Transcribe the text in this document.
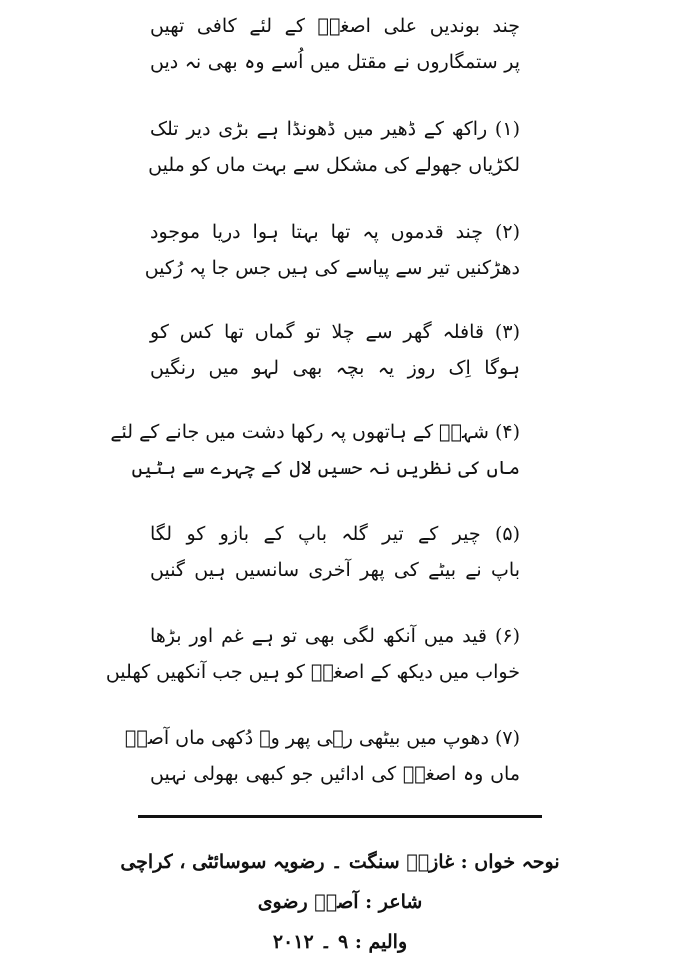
چند بوندیں علی اصغرؑ کے لئے کافی تھیں
پر ستمگاروں نے مقتل میں اُسے وہ بھی نہ دیں
(۱) راکھ کے ڈھیر میں ڈھونڈا ہے بڑی دیر تلک
لکڑیاں جھولے کی مشکل سے بہت ماں کو ملیں
(۲) چند قدموں پہ تھا بہتا ہوا دریا موجود
دھڑکنیں تیر سے پیاسے کی ہیں جس جا پہ رُکیں
(۳) قافلہ گھر سے چلا تو گماں تھا کس کو
ہوگا اِک روز یہ بچہ بھی لہو میں رنگیں
(۴) شہہؑ کے ہاتھوں پہ رکھا دشت میں جانے کے لئے
ماں کی نظریں نہ حسیں لال کے چہرے سے ہٹیں
(۵) چیر کے تیر گلہ باپ کے بازو کو لگا
باپ نے بیٹے کی پھر آخری سانسیں ہیں گنیں
(۶) قید میں آنکھ لگی بھی تو ہے غم اور بڑھا
خواب میں دیکھ کے اصغرؑ کو ہیں جب آنکھیں کھلیں
(۷) دھوپ میں بیٹھی رہی پھر وہ دُکھی ماں آصفؔ
ماں وہ اصغرؑ کی ادائیں جو کبھی بھولی نہیں
نوحہ خواں : غازیؑ سنگت ۔ رضویہ سوسائٹی ، کراچی
شاعر : آصفؔ رضوی
والیم : ۹ ۔ ۲۰۱۲
